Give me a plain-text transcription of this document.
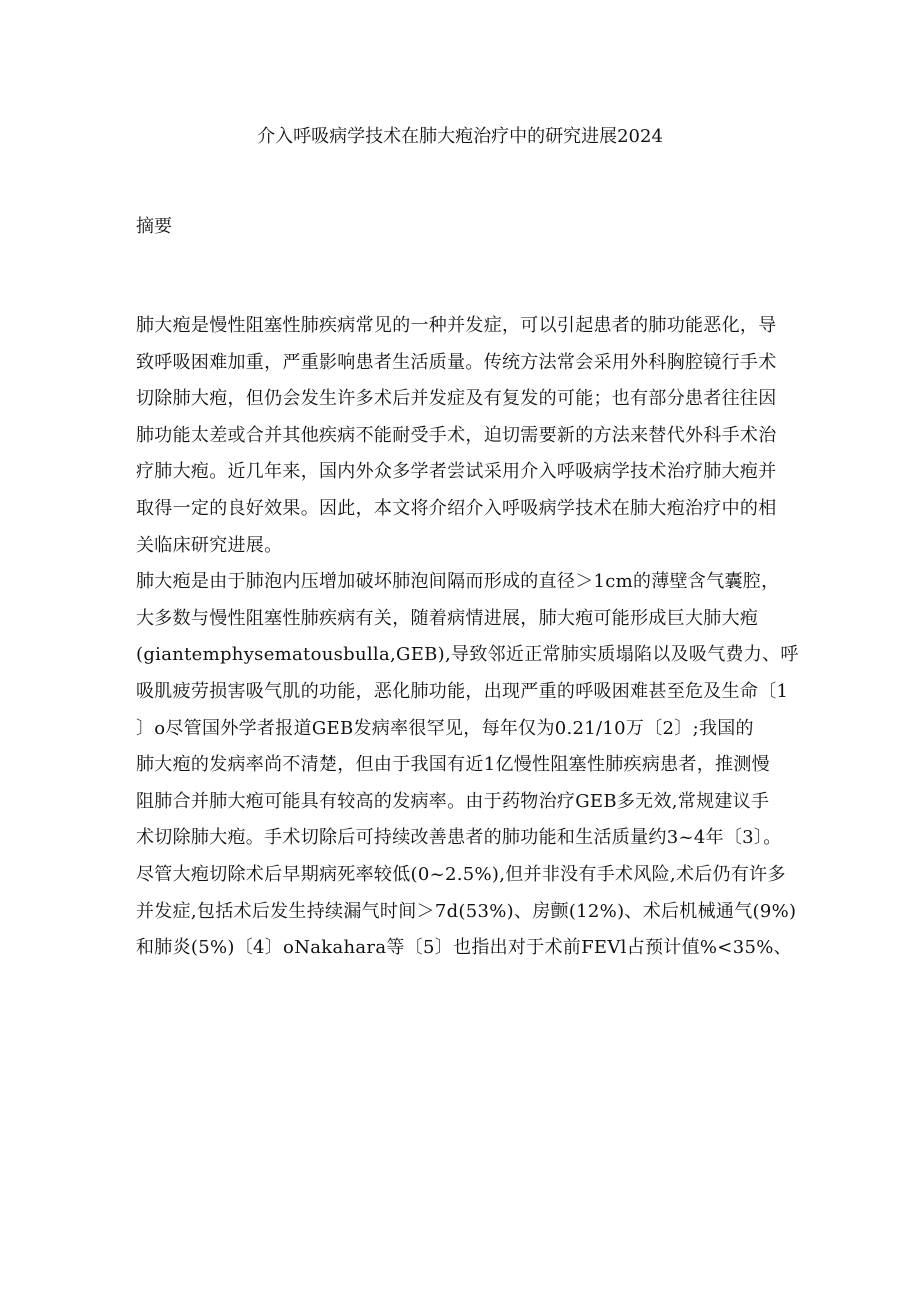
介入呼吸病学技术在肺大疱治疗中的研究进展2024
摘要
肺大疱是慢性阻塞性肺疾病常见的一种并发症，可以引起患者的肺功能恶化，导
致呼吸困难加重，严重影响患者生活质量。传统方法常会采用外科胸腔镜行手术
切除肺大疱，但仍会发生许多术后并发症及有复发的可能；也有部分患者往往因
肺功能太差或合并其他疾病不能耐受手术，迫切需要新的方法来替代外科手术治
疗肺大疱。近几年来，国内外众多学者尝试采用介入呼吸病学技术治疗肺大疱并
取得一定的良好效果。因此，本文将介绍介入呼吸病学技术在肺大疱治疗中的相
关临床研究进展。
肺大疱是由于肺泡内压增加破坏肺泡间隔而形成的直径＞1cm的薄壁含气囊腔，
大多数与慢性阻塞性肺疾病有关，随着病情进展，肺大疱可能形成巨大肺大疱
(giantemphysematousbulla,GEB),导致邻近正常肺实质塌陷以及吸气费力、呼
吸肌疲劳损害吸气肌的功能，恶化肺功能，出现严重的呼吸困难甚至危及生命〔1
〕o尽管国外学者报道GEB发病率很罕见，每年仅为0.21/10万〔2〕;我国的
肺大疱的发病率尚不清楚，但由于我国有近1亿慢性阻塞性肺疾病患者，推测慢
阻肺合并肺大疱可能具有较高的发病率。由于药物治疗GEB多无效,常规建议手
术切除肺大疱。手术切除后可持续改善患者的肺功能和生活质量约3~4年〔3〕。
尽管大疱切除术后早期病死率较低(0~2.5%),但并非没有手术风险,术后仍有许多
并发症,包括术后发生持续漏气时间＞7d(53%)、房颤(12%)、术后机械通气(9%)
和肺炎(5%)〔4〕oNakahara等〔5〕也指出对于术前FEVl占预计值%<35%、
